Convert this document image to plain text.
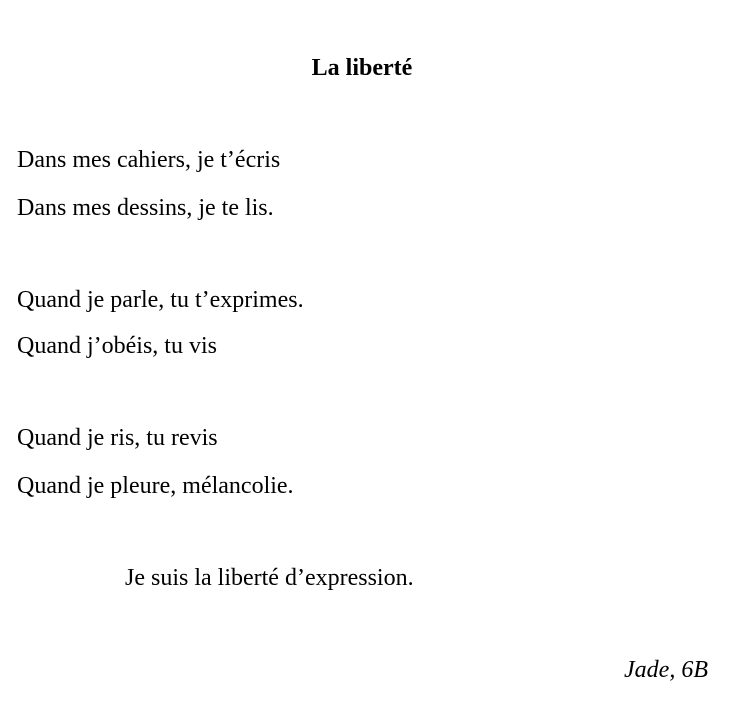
La liberté

Dans mes cahiers, je t’écris

Dans mes dessins, je te lis.

Quand je parle, tu t’exprimes.

Quand j’obéis, tu vis

Quand je ris, tu revis

Quand je pleure, mélancolie.

Je suis la liberté d’expression.

Jade, 6B
